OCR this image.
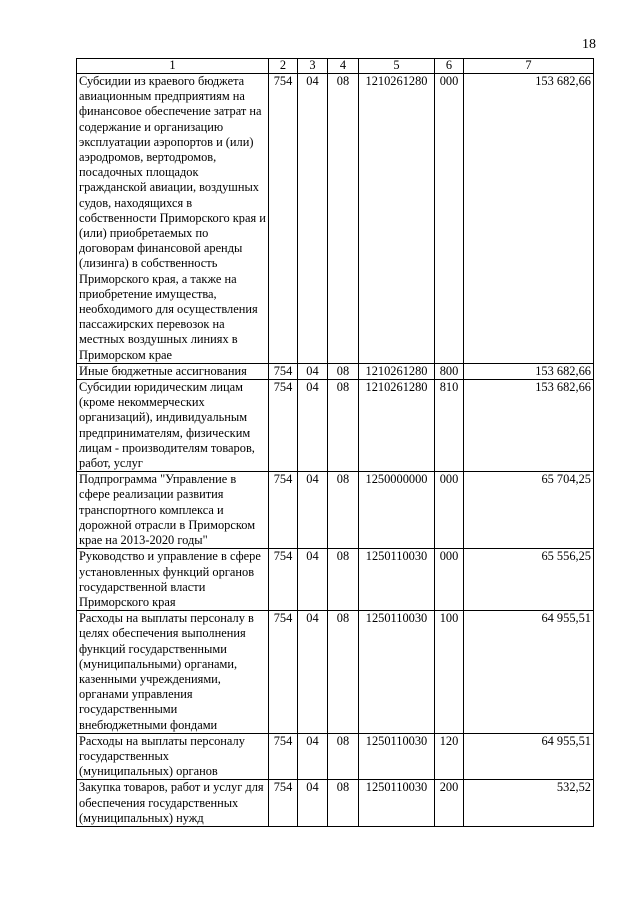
18
1	2	3	4	5	6	7
Субсидии из краевого бюджета авиационным предприятиям на финансовое обеспечение затрат на содержание и организацию эксплуатации аэропортов и (или) аэродромов, вертодромов, посадочных площадок гражданской авиации, воздушных судов, находящихся в собственности Приморского края и (или) приобретаемых по договорам финансовой аренды (лизинга) в собственность Приморского края, а также на приобретение имущества, необходимого для осуществления пассажирских перевозок на местных воздушных линиях в Приморском крае	754	04	08	1210261280	000	153 682,66
Иные бюджетные ассигнования	754	04	08	1210261280	800	153 682,66
Субсидии юридическим лицам (кроме некоммерческих организаций), индивидуальным предпринимателям, физическим лицам - производителям товаров, работ, услуг	754	04	08	1210261280	810	153 682,66
Подпрограмма "Управление в сфере реализации развития транспортного комплекса и дорожной отрасли в Приморском крае на 2013-2020 годы"	754	04	08	1250000000	000	65 704,25
Руководство и управление в сфере установленных функций органов государственной власти Приморского края	754	04	08	1250110030	000	65 556,25
Расходы на выплаты персоналу в целях обеспечения выполнения функций государственными (муниципальными) органами, казенными учреждениями, органами управления государственными внебюджетными фондами	754	04	08	1250110030	100	64 955,51
Расходы на выплаты персоналу государственных (муниципальных) органов	754	04	08	1250110030	120	64 955,51
Закупка товаров, работ и услуг для обеспечения государственных (муниципальных) нужд	754	04	08	1250110030	200	532,52
